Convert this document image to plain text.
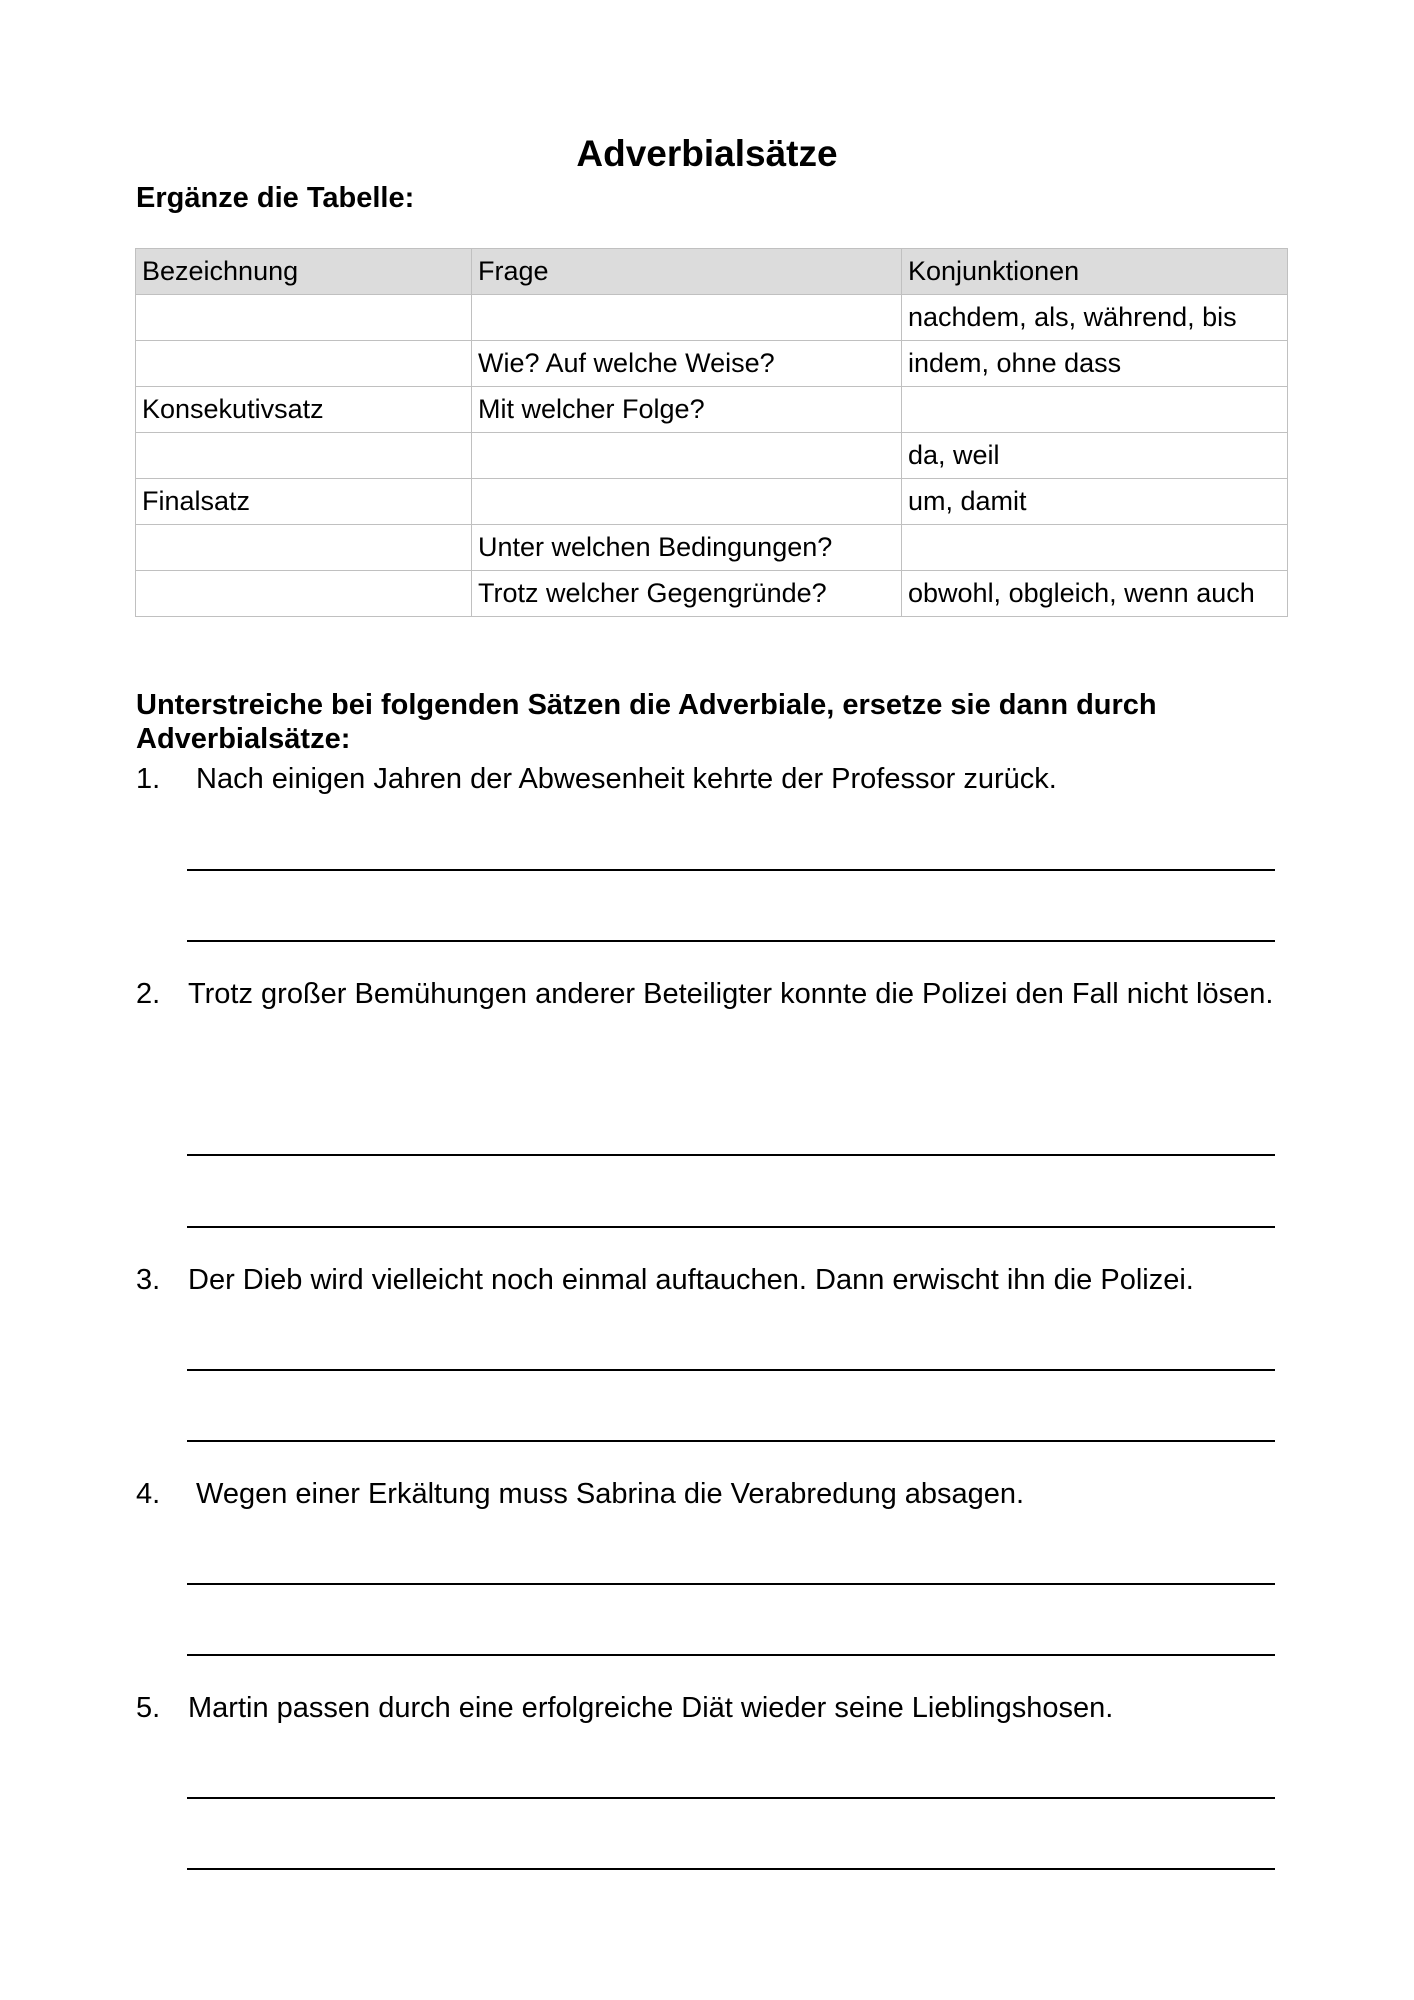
Adverbialsätze
Ergänze die Tabelle:
Bezeichnung	Frage	Konjunktionen
		nachdem, als, während, bis
	Wie? Auf welche Weise?	indem, ohne dass
Konsekutivsatz	Mit welcher Folge?	
		da, weil
Finalsatz		um, damit
	Unter welchen Bedingungen?	
	Trotz welcher Gegengründe?	obwohl, obgleich, wenn auch
Unterstreiche bei folgenden Sätzen die Adverbiale, ersetze sie dann durch Adverbialsätze:
1. Nach einigen Jahren der Abwesenheit kehrte der Professor zurück.
2. Trotz großer Bemühungen anderer Beteiligter konnte die Polizei den Fall nicht lösen.
3. Der Dieb wird vielleicht noch einmal auftauchen. Dann erwischt ihn die Polizei.
4. Wegen einer Erkältung muss Sabrina die Verabredung absagen.
5. Martin passen durch eine erfolgreiche Diät wieder seine Lieblingshosen.
